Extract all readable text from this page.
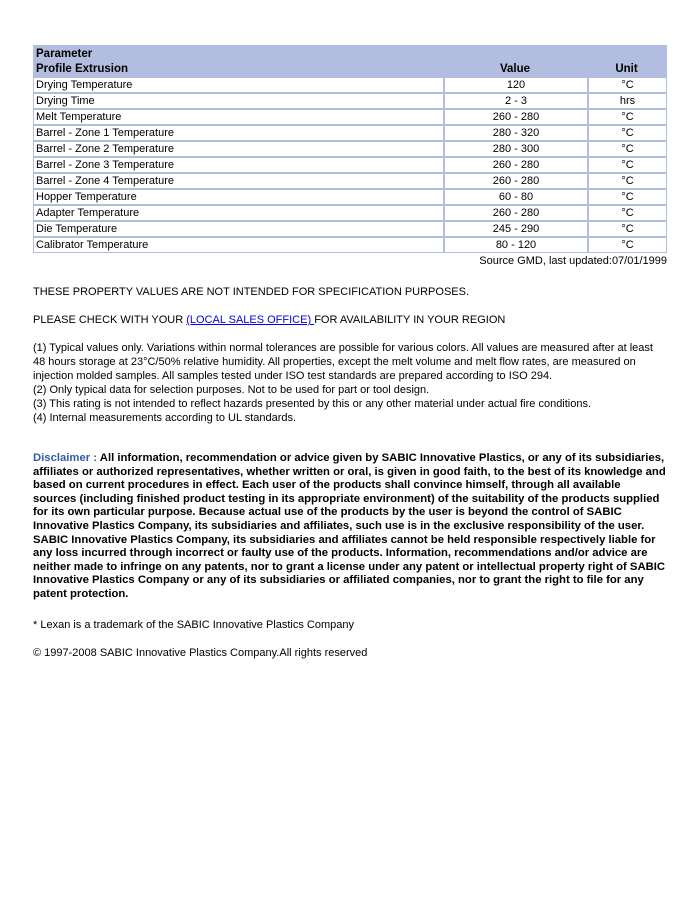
Parameter		
Profile Extrusion	Value	Unit
Drying Temperature	120	°C
Drying Time	2 - 3	hrs
Melt Temperature	260 - 280	°C
Barrel - Zone 1 Temperature	280 - 320	°C
Barrel - Zone 2 Temperature	280 - 300	°C
Barrel - Zone 3 Temperature	260 - 280	°C
Barrel - Zone 4 Temperature	260 - 280	°C
Hopper Temperature	60 - 80	°C
Adapter Temperature	260 - 280	°C
Die Temperature	245 - 290	°C
Calibrator Temperature	80 - 120	°C
Source GMD, last updated:07/01/1999
THESE PROPERTY VALUES ARE NOT INTENDED FOR SPECIFICATION PURPOSES.
PLEASE CHECK WITH YOUR (LOCAL SALES OFFICE) FOR AVAILABILITY IN YOUR REGION
(1) Typical values only. Variations within normal tolerances are possible for various colors. All values are measured after at least 48 hours storage at 23°C/50% relative humidity. All properties, except the melt volume and melt flow rates, are measured on injection molded samples. All samples tested under ISO test standards are prepared according to ISO 294.
(2) Only typical data for selection purposes. Not to be used for part or tool design.
(3) This rating is not intended to reflect hazards presented by this or any other material under actual fire conditions.
(4) Internal measurements according to UL standards.
Disclaimer : All information, recommendation or advice given by SABIC Innovative Plastics, or any of its subsidiaries, affiliates or authorized representatives, whether written or oral, is given in good faith, to the best of its knowledge and based on current procedures in effect. Each user of the products shall convince himself, through all available sources (including finished product testing in its appropriate environment) of the suitability of the products supplied for its own particular purpose. Because actual use of the products by the user is beyond the control of SABIC Innovative Plastics Company, its subsidiaries and affiliates, such use is in the exclusive responsibility of the user. SABIC Innovative Plastics Company, its subsidiaries and affiliates cannot be held responsible respectively liable for any loss incurred through incorrect or faulty use of the products. Information, recommendations and/or advice are neither made to infringe on any patents, nor to grant a license under any patent or intellectual property right of SABIC Innovative Plastics Company or any of its subsidiaries or affiliated companies, nor to grant the right to file for any patent protection.
* Lexan is a trademark of the SABIC Innovative Plastics Company
© 1997-2008 SABIC Innovative Plastics Company.All rights reserved
